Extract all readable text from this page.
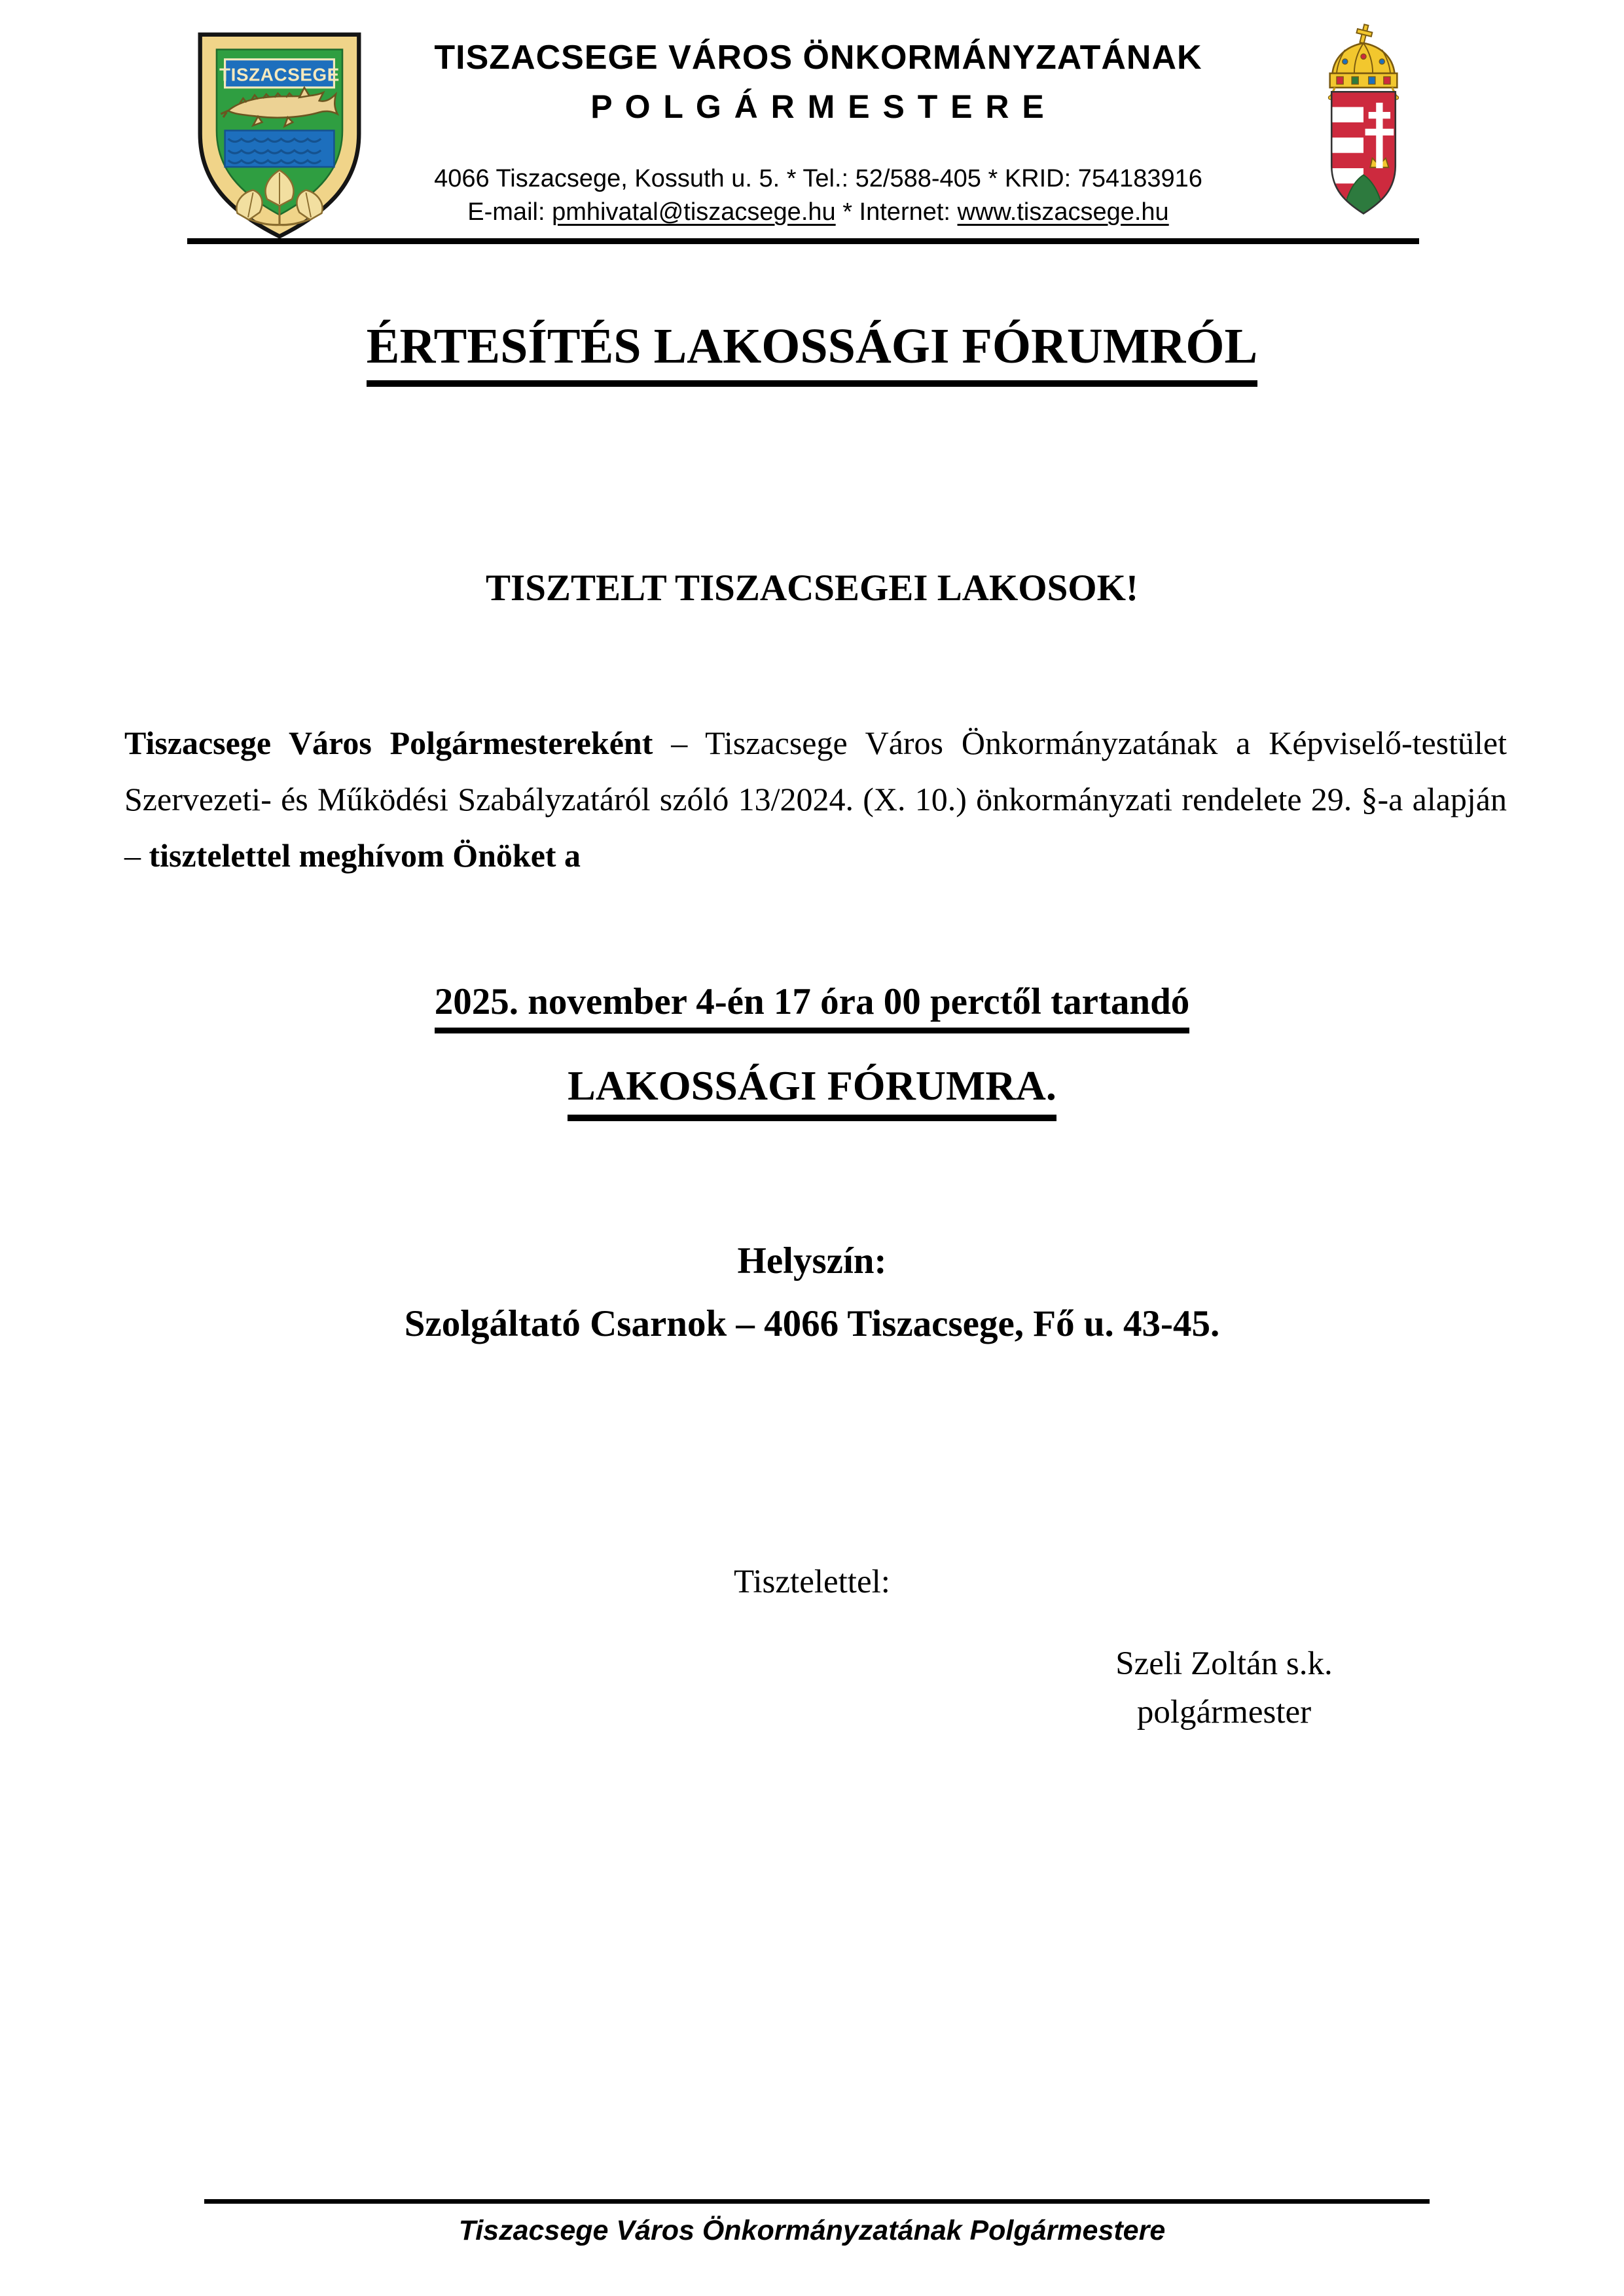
TISZACSEGE	TISZACSEGE VÁROS ÖNKORMÁNYZATÁNAK
P O L G Á R M E S T E R E
4066 Tiszacsege, Kossuth u. 5. * Tel.: 52/588-405 * KRID: 754183916
E-mail: pmhivatal@tiszacsege.hu * Internet: www.tiszacsege.hu
ÉRTESÍTÉS LAKOSSÁGI FÓRUMRÓL
TISZTELT TISZACSEGEI LAKOSOK!

Tiszacsege Város Polgármestereként – Tiszacsege Város Önkormányzatának a Képviselő-testület Szervezeti- és Működési Szabályzatáról szóló 13/2024. (X. 10.) önkormányzati rendelete 29. §-a alapján – tisztelettel meghívom Önöket a

2025. november 4-én 17 óra 00 perctől tartandó
LAKOSSÁGI FÓRUMRA.
Helyszín:
Szolgáltató Csarnok – 4066 Tiszacsege, Fő u. 43-45.
Tisztelettel:
Szeli Zoltán s.k.
polgármester
Tiszacsege Város Önkormányzatának Polgármestere
